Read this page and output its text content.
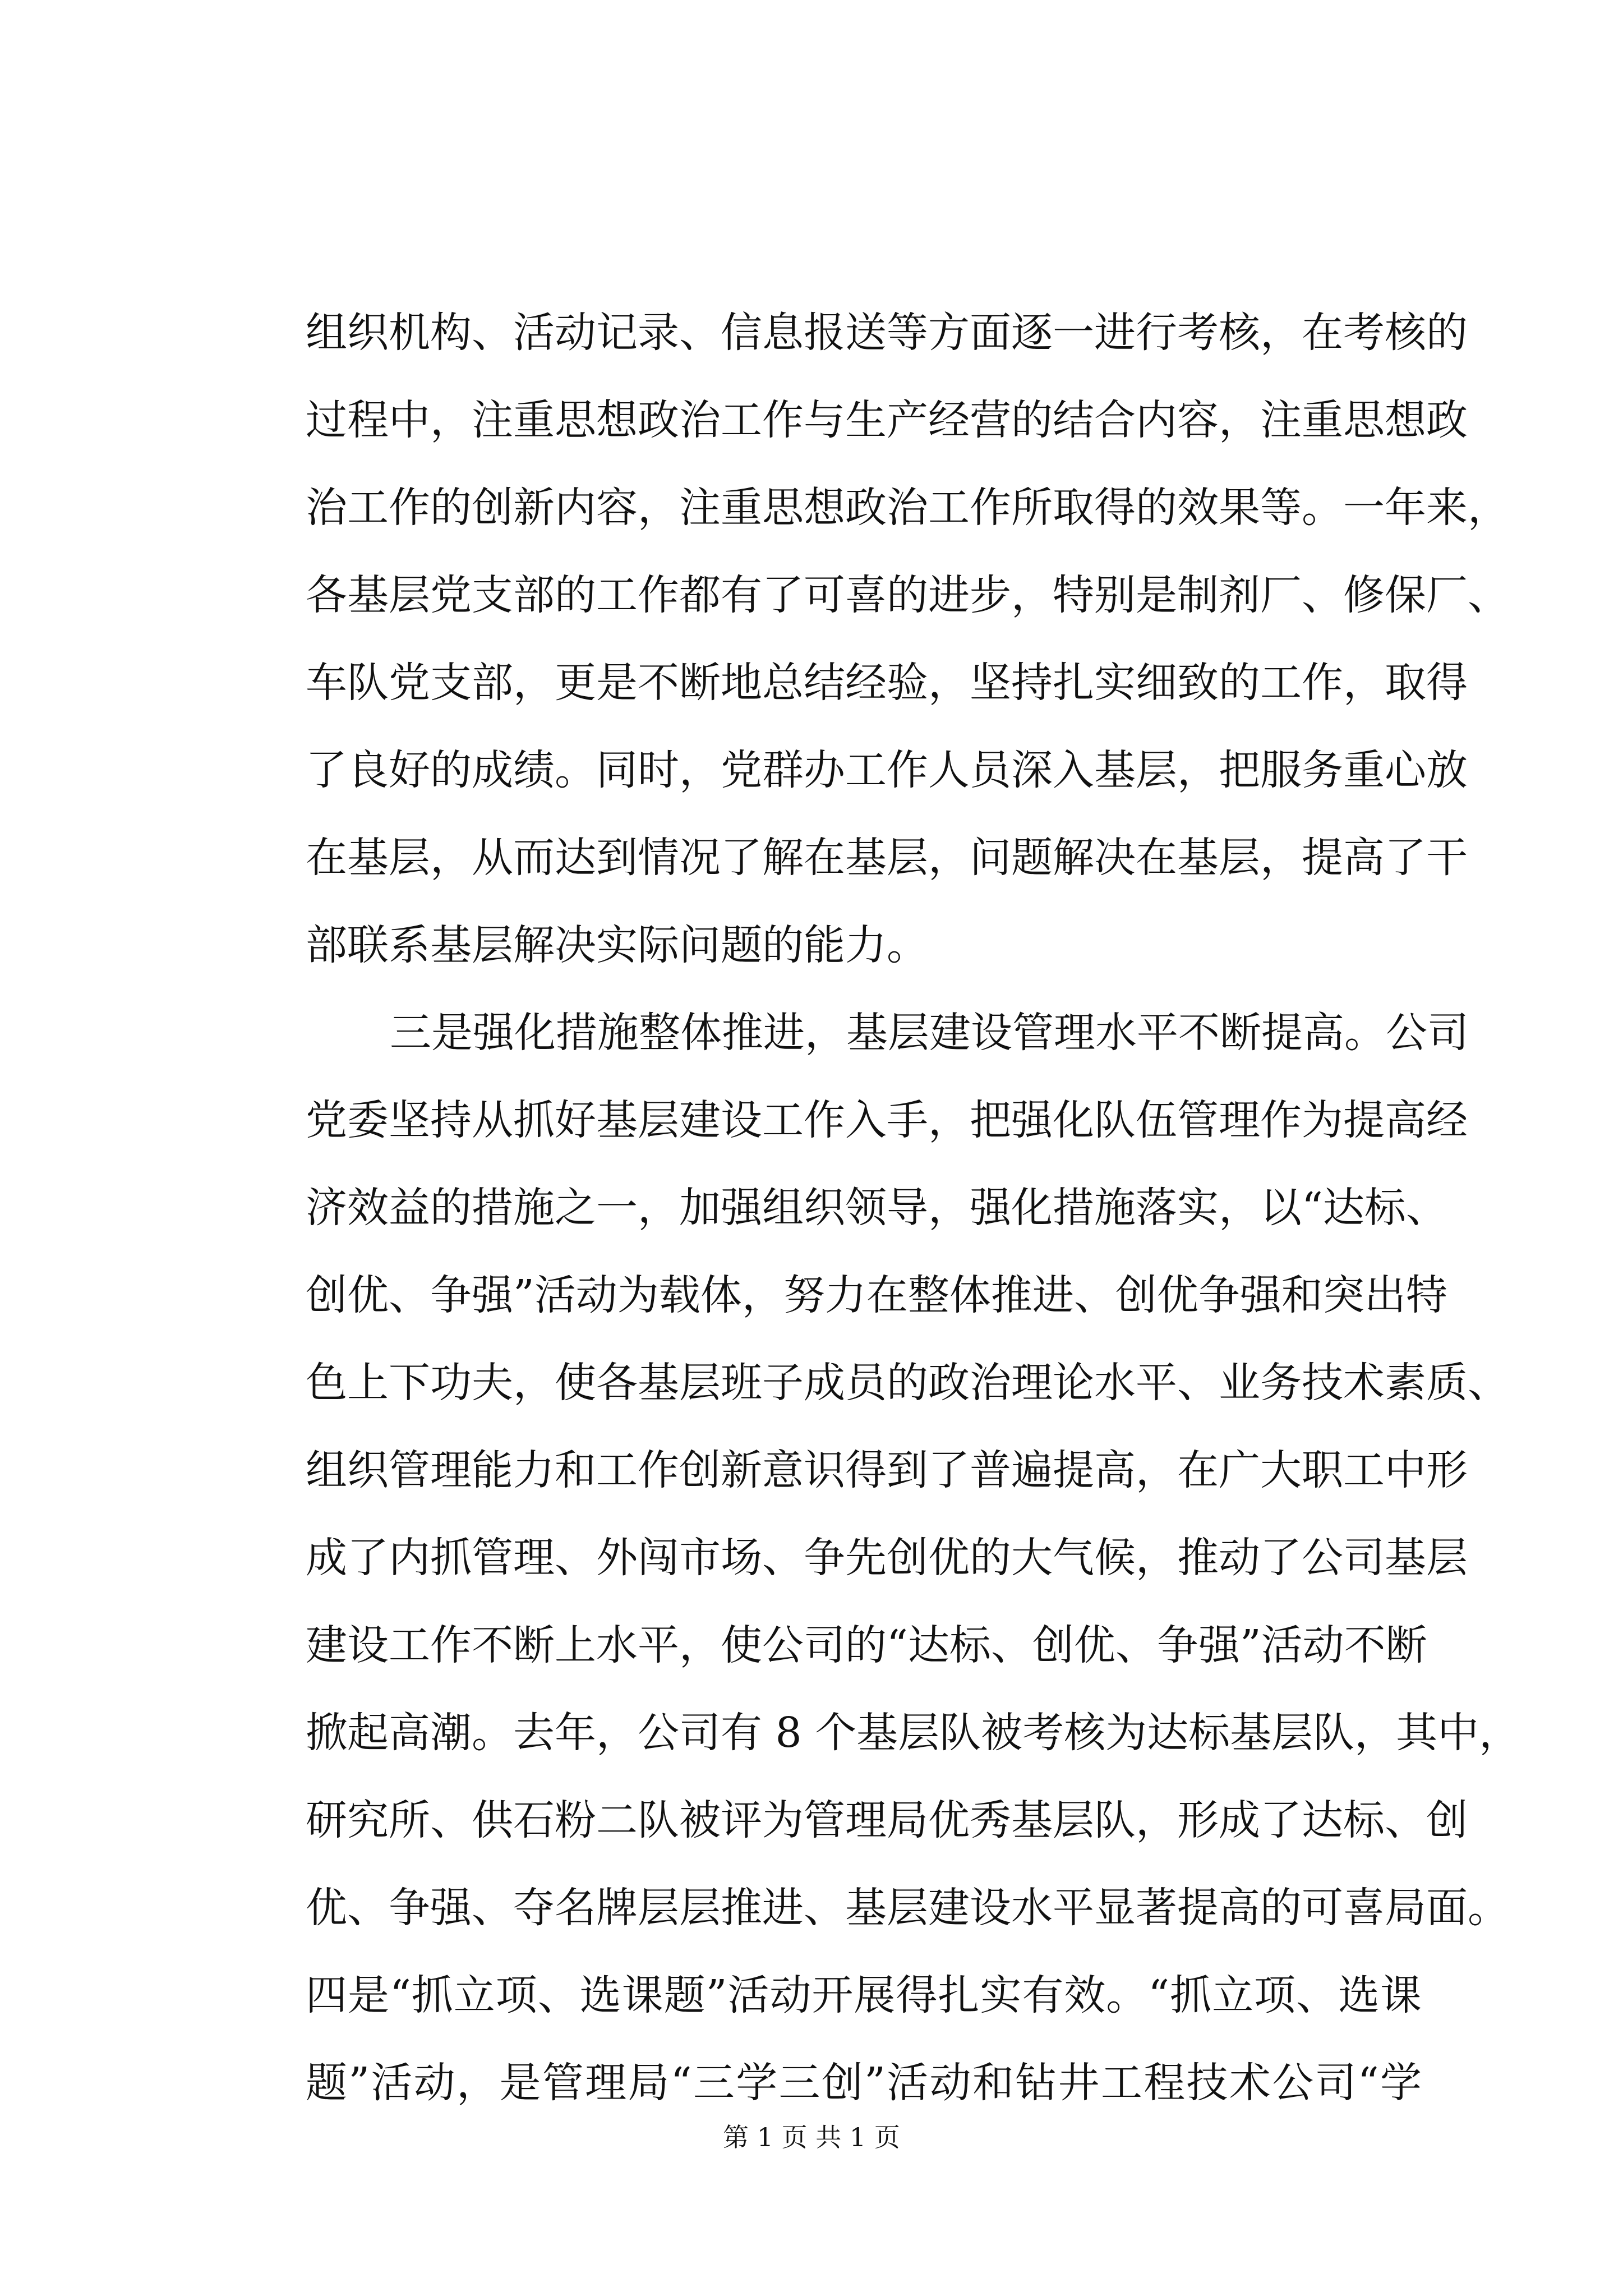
组织机构、活动记录、信息报送等方面逐一进行考核，在考核的
过程中，注重思想政治工作与生产经营的结合内容，注重思想政
治工作的创新内容，注重思想政治工作所取得的效果等。一年来，
各基层党支部的工作都有了可喜的进步，特别是制剂厂、修保厂、
车队党支部，更是不断地总结经验，坚持扎实细致的工作，取得
了良好的成绩。同时，党群办工作人员深入基层，把服务重心放
在基层，从而达到情况了解在基层，问题解决在基层，提高了干
部联系基层解决实际问题的能力。
三是强化措施整体推进，基层建设管理水平不断提高。公司
党委坚持从抓好基层建设工作入手，把强化队伍管理作为提高经
济效益的措施之一，加强组织领导，强化措施落实，以“达标、
创优、争强”活动为载体，努力在整体推进、创优争强和突出特
色上下功夫，使各基层班子成员的政治理论水平、业务技术素质、
组织管理能力和工作创新意识得到了普遍提高，在广大职工中形
成了内抓管理、外闯市场、争先创优的大气候，推动了公司基层
建设工作不断上水平，使公司的“达标、创优、争强”活动不断
掀起高潮。去年，公司有 8 个基层队被考核为达标基层队，其中，
研究所、供石粉二队被评为管理局优秀基层队，形成了达标、创
优、争强、夺名牌层层推进、基层建设水平显著提高的可喜局面。
四是“抓立项、选课题”活动开展得扎实有效。“抓立项、选课
题”活动，是管理局“三学三创”活动和钻井工程技术公司“学
第 1 页 共 1 页
